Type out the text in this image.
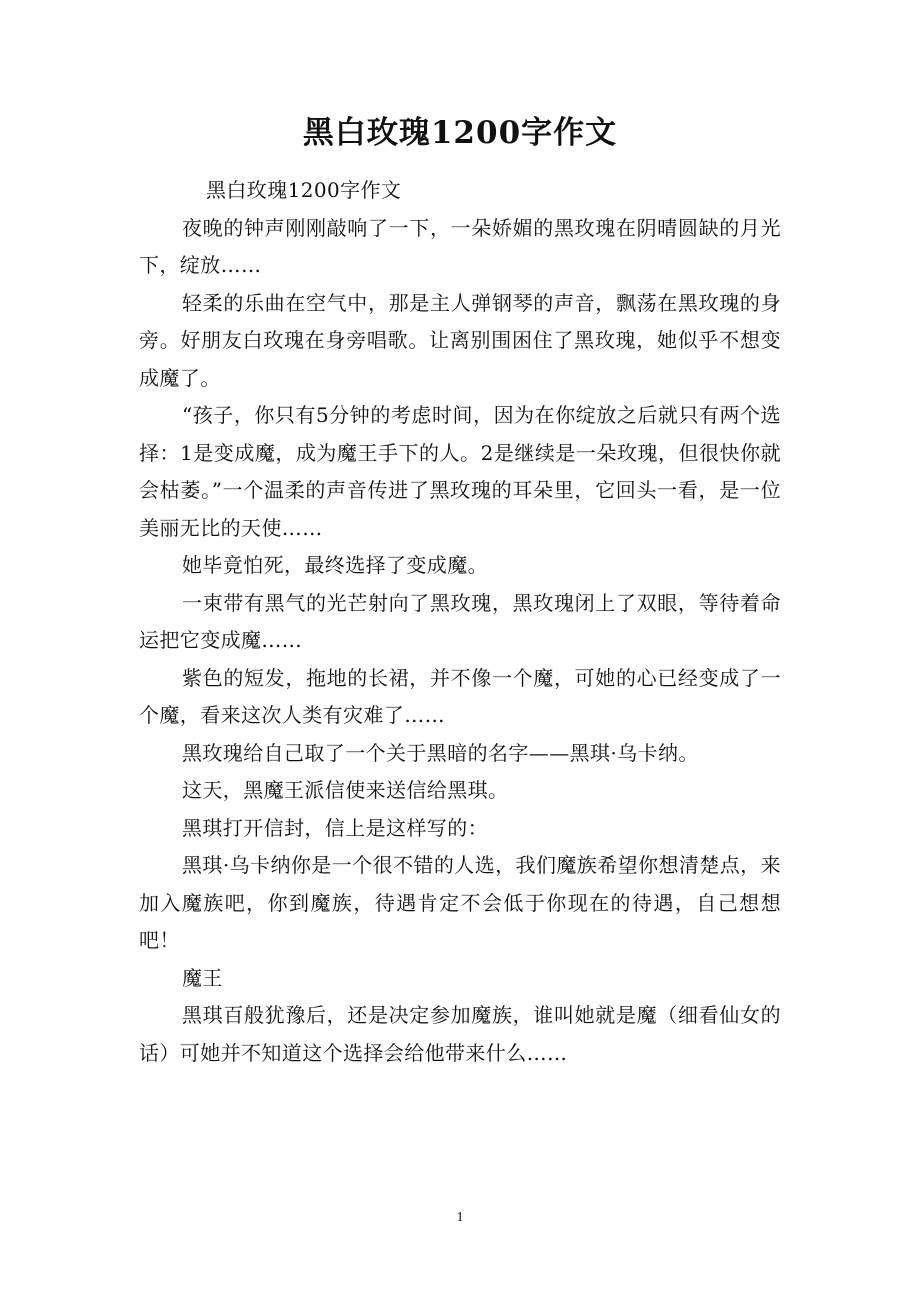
黑白玫瑰1200字作文

黑白玫瑰1200字作文

夜晚的钟声刚刚敲响了一下，一朵娇媚的黑玫瑰在阴晴圆缺的月光下，绽放……

轻柔的乐曲在空气中，那是主人弹钢琴的声音，飘荡在黑玫瑰的身旁。好朋友白玫瑰在身旁唱歌。让离别围困住了黑玫瑰，她似乎不想变成魔了。

“孩子，你只有5分钟的考虑时间，因为在你绽放之后就只有两个选择：1是变成魔，成为魔王手下的人。2是继续是一朵玫瑰，但很快你就会枯萎。”一个温柔的声音传进了黑玫瑰的耳朵里，它回头一看，是一位美丽无比的天使……

她毕竟怕死，最终选择了变成魔。

一束带有黑气的光芒射向了黑玫瑰，黑玫瑰闭上了双眼，等待着命运把它变成魔……

紫色的短发，拖地的长裙，并不像一个魔，可她的心已经变成了一个魔，看来这次人类有灾难了……

黑玫瑰给自己取了一个关于黑暗的名字——黑琪·乌卡纳。

这天，黑魔王派信使来送信给黑琪。

黑琪打开信封，信上是这样写的：

黑琪·乌卡纳你是一个很不错的人选，我们魔族希望你想清楚点，来加入魔族吧，你到魔族，待遇肯定不会低于你现在的待遇，自己想想吧！

魔王

黑琪百般犹豫后，还是决定参加魔族，谁叫她就是魔（细看仙女的话）可她并不知道这个选择会给他带来什么……

1
